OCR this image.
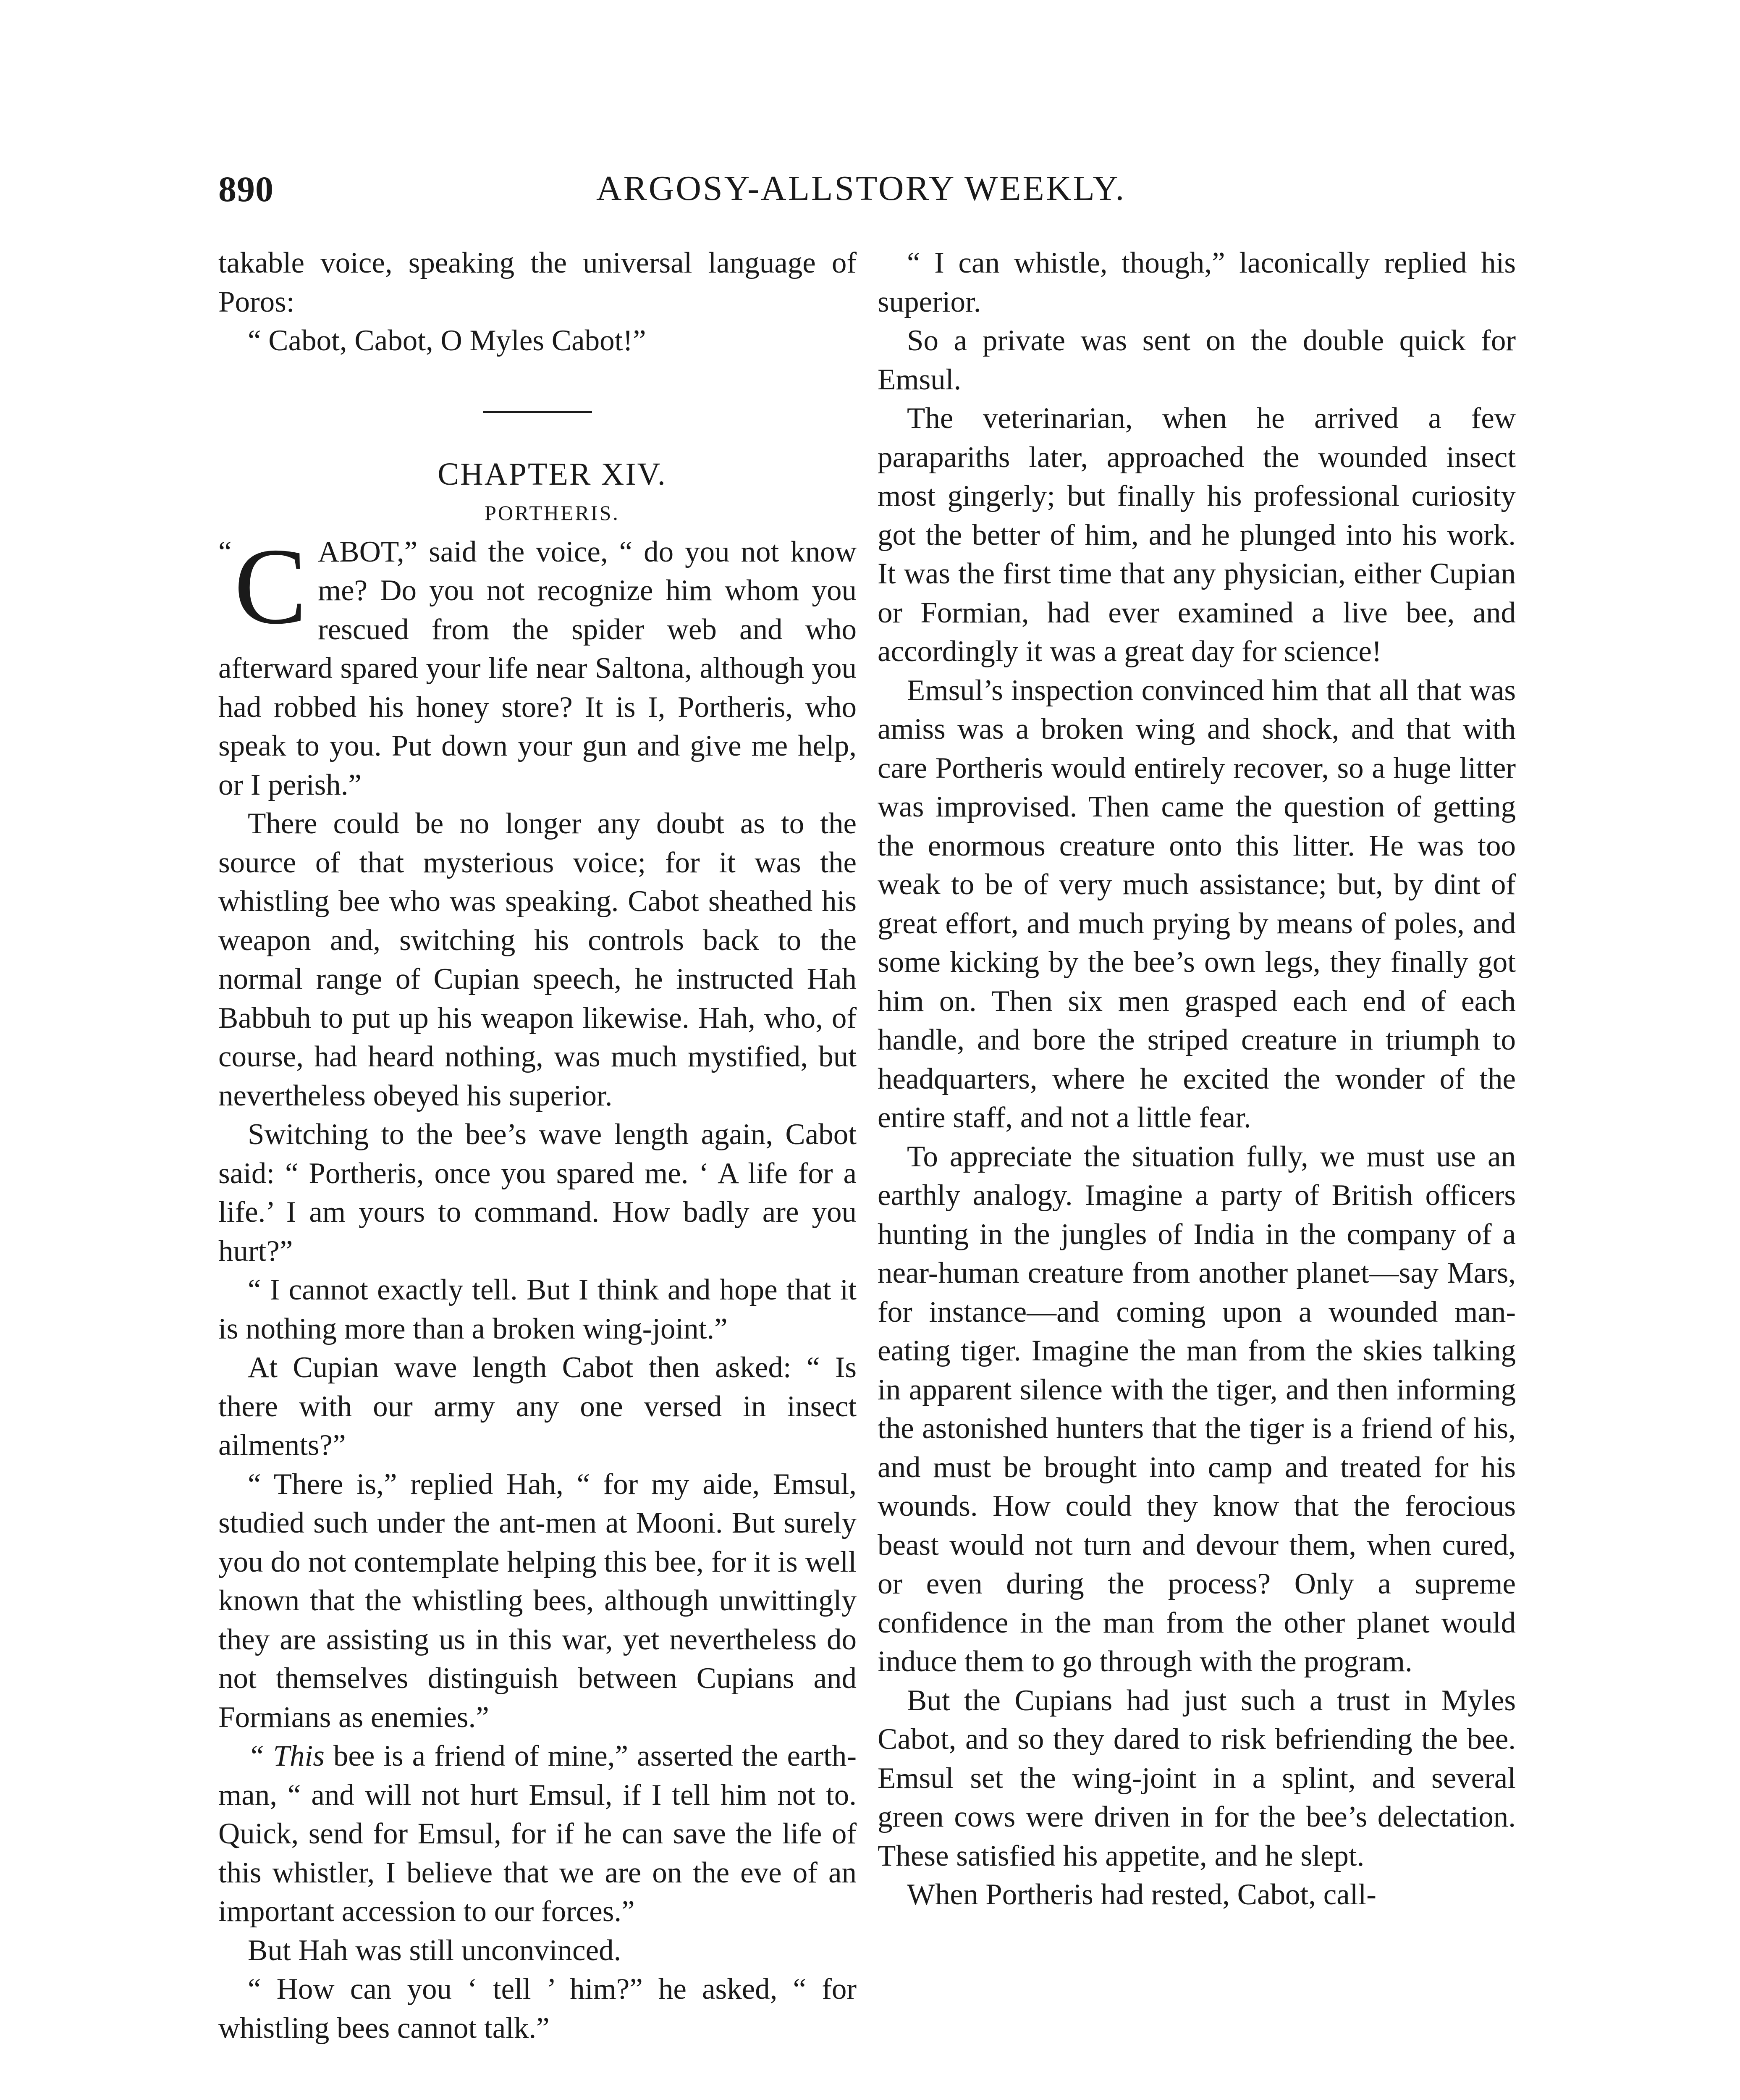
890	ARGOSY-ALLSTORY WEEKLY.

takable voice, speaking the universal language of Poros:

“ Cabot, Cabot, O Myles Cabot!”

CHAPTER XIV.

PORTHERIS.

“ C ABOT,” said the voice, “ do you not know me? Do you not recognize him whom you rescued from the spider web and who afterward spared your life near Saltona, although you had robbed his honey store? It is I, Portheris, who speak to you. Put down your gun and give me help, or I perish.”

There could be no longer any doubt as to the source of that mysterious voice; for it was the whistling bee who was speaking. Cabot sheathed his weapon and, switching his controls back to the normal range of Cupian speech, he instructed Hah Babbuh to put up his weapon likewise. Hah, who, of course, had heard nothing, was much mystified, but nevertheless obeyed his superior.

Switching to the bee’s wave length again, Cabot said: “ Portheris, once you spared me. ‘ A life for a life.’ I am yours to command. How badly are you hurt?”

“ I cannot exactly tell. But I think and hope that it is nothing more than a broken wing-joint.”

At Cupian wave length Cabot then asked: “ Is there with our army any one versed in insect ailments?”

“ There is,” replied Hah, “ for my aide, Emsul, studied such under the ant-men at Mooni. But surely you do not contemplate helping this bee, for it is well known that the whistling bees, although unwittingly they are assisting us in this war, yet nevertheless do not themselves distinguish between Cupians and Formians as enemies.”

“ This bee is a friend of mine,” asserted the earth-man, “ and will not hurt Emsul, if I tell him not to. Quick, send for Emsul, for if he can save the life of this whistler, I believe that we are on the eve of an important accession to our forces.”

But Hah was still unconvinced.

“ How can you ‘ tell ’ him?” he asked, “ for whistling bees cannot talk.”

“ I can whistle, though,” laconically replied his superior.

So a private was sent on the double quick for Emsul.

The veterinarian, when he arrived a few parapariths later, approached the wounded insect most gingerly; but finally his professional curiosity got the better of him, and he plunged into his work. It was the first time that any physician, either Cupian or Formian, had ever examined a live bee, and accordingly it was a great day for science!

Emsul’s inspection convinced him that all that was amiss was a broken wing and shock, and that with care Portheris would entirely recover, so a huge litter was improvised. Then came the question of getting the enormous creature onto this litter. He was too weak to be of very much assistance; but, by dint of great effort, and much prying by means of poles, and some kicking by the bee’s own legs, they finally got him on. Then six men grasped each end of each handle, and bore the striped creature in triumph to headquarters, where he excited the wonder of the entire staff, and not a little fear.

To appreciate the situation fully, we must use an earthly analogy. Imagine a party of British officers hunting in the jungles of India in the company of a near-human creature from another planet—say Mars, for instance—and coming upon a wounded man-eating tiger. Imagine the man from the skies talking in apparent silence with the tiger, and then informing the astonished hunters that the tiger is a friend of his, and must be brought into camp and treated for his wounds. How could they know that the ferocious beast would not turn and devour them, when cured, or even during the process? Only a supreme confidence in the man from the other planet would induce them to go through with the program.

But the Cupians had just such a trust in Myles Cabot, and so they dared to risk befriending the bee. Emsul set the wing-joint in a splint, and several green cows were driven in for the bee’s delectation. These satisfied his appetite, and he slept.

When Portheris had rested, Cabot, call-
